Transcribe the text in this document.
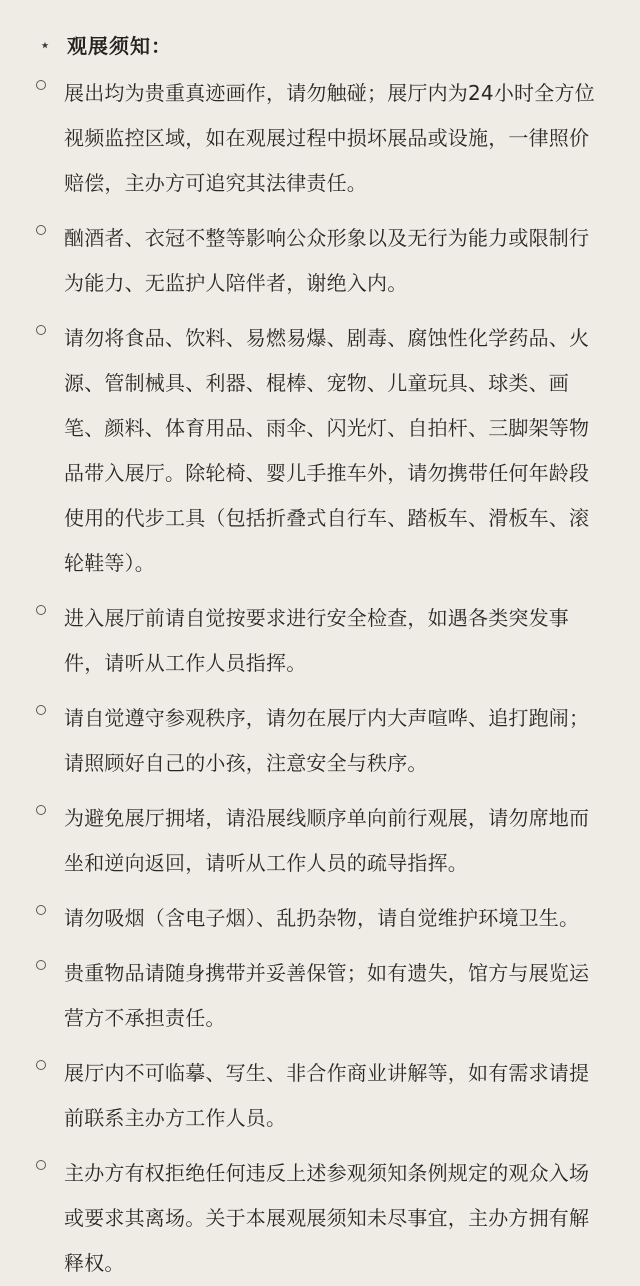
⋆ 观展须知：
展出均为贵重真迹画作，请勿触碰；展厅内为24小时全方位视频监控区域，如在观展过程中损坏展品或设施，一律照价赔偿，主办方可追究其法律责任。
酗酒者、衣冠不整等影响公众形象以及无行为能力或限制行为能力、无监护人陪伴者，谢绝入内。
请勿将食品、饮料、易燃易爆、剧毒、腐蚀性化学药品、火源、管制械具、利器、棍棒、宠物、儿童玩具、球类、画笔、颜料、体育用品、雨伞、闪光灯、自拍杆、三脚架等物品带入展厅。除轮椅、婴儿手推车外，请勿携带任何年龄段使用的代步工具（包括折叠式自行车、踏板车、滑板车、滚轮鞋等）。
进入展厅前请自觉按要求进行安全检查，如遇各类突发事件，请听从工作人员指挥。
请自觉遵守参观秩序，请勿在展厅内大声喧哗、追打跑闹；请照顾好自己的小孩，注意安全与秩序。
为避免展厅拥堵，请沿展线顺序单向前行观展，请勿席地而坐和逆向返回，请听从工作人员的疏导指挥。
请勿吸烟（含电子烟）、乱扔杂物，请自觉维护环境卫生。
贵重物品请随身携带并妥善保管；如有遗失，馆方与展览运营方不承担责任。
展厅内不可临摹、写生、非合作商业讲解等，如有需求请提前联系主办方工作人员。
主办方有权拒绝任何违反上述参观须知条例规定的观众入场或要求其离场。关于本展观展须知未尽事宜，主办方拥有解释权。
